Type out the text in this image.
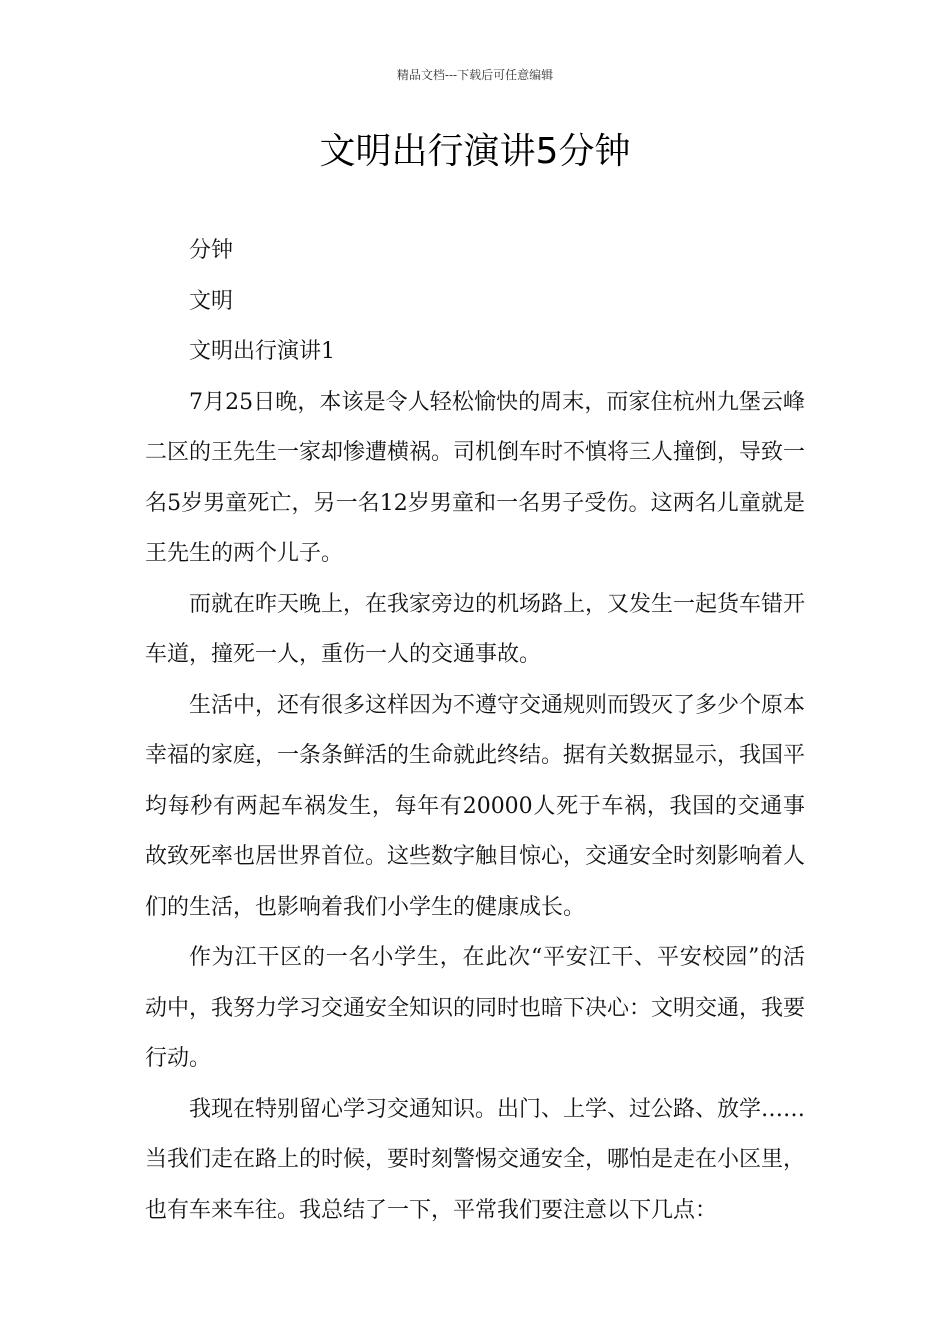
精品文档---下载后可任意编辑
文明出行演讲5分钟

分钟

文明

文明出行演讲1

7月25日晚，本该是令人轻松愉快的周末，而家住杭州九堡云峰二区的王先生一家却惨遭横祸。司机倒车时不慎将三人撞倒，导致一名5岁男童死亡，另一名12岁男童和一名男子受伤。这两名儿童就是王先生的两个儿子。

而就在昨天晚上，在我家旁边的机场路上，又发生一起货车错开车道，撞死一人，重伤一人的交通事故。

生活中，还有很多这样因为不遵守交通规则而毁灭了多少个原本幸福的家庭，一条条鲜活的生命就此终结。据有关数据显示，我国平均每秒有两起车祸发生，每年有20000人死于车祸，我国的交通事故致死率也居世界首位。这些数字触目惊心，交通安全时刻影响着人们的生活，也影响着我们小学生的健康成长。

作为江干区的一名小学生，在此次“平安江干、平安校园”的活动中，我努力学习交通安全知识的同时也暗下决心：文明交通，我要行动。

我现在特别留心学习交通知识。出门、上学、过公路、放学……当我们走在路上的时候，要时刻警惕交通安全，哪怕是走在小区里，也有车来车往。我总结了一下，平常我们要注意以下几点：
